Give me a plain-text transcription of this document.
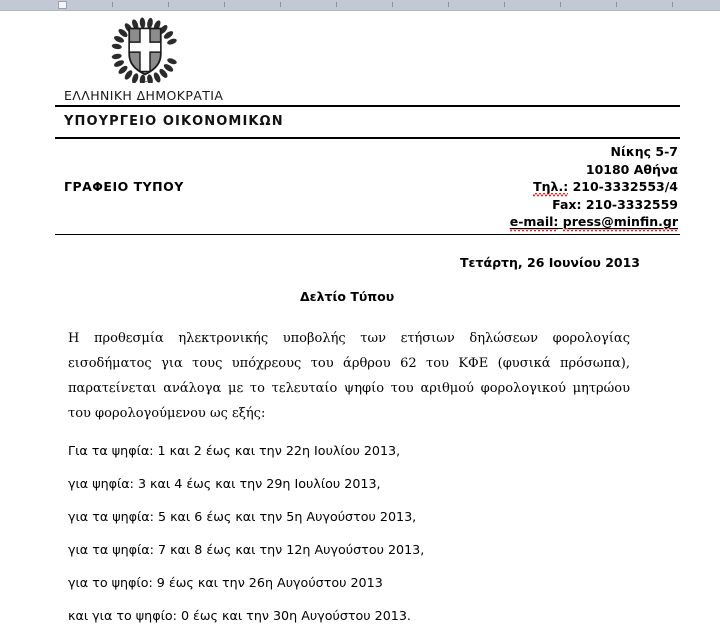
ΕΛΛΗΝΙΚΗ ΔΗΜΟΚΡΑΤΙΑ
ΥΠΟΥΡΓΕΙΟ ΟΙΚΟΝΟΜΙΚΩΝ
ΓΡΑΦΕΙΟ ΤΥΠΟΥ
Νίκης 5-7
10180 Αθήνα
Τηλ.: 210-3332553/4
Fax: 210-3332559
e-mail: press@minfin.gr
Τετάρτη, 26 Ιουνίου 2013
Δελτίο Τύπου

Η προθεσμία ηλεκτρονικής υποβολής των ετήσιων δηλώσεων φορολογίας εισοδήματος για τους υπόχρεους του άρθρου 62 του ΚΦΕ (φυσικά πρόσωπα), παρατείνεται ανάλογα με το τελευταίο ψηφίο του αριθμού φορολογικού μητρώου του φορολογούμενου ως εξής:

Για τα ψηφία: 1 και 2 έως και την 22η Ιουλίου 2013,
για ψηφία: 3 και 4 έως και την 29η Ιουλίου 2013,
για τα ψηφία: 5 και 6 έως και την 5η Αυγούστου 2013,
για τα ψηφία: 7 και 8 έως και την 12η Αυγούστου 2013,
για το ψηφίο: 9 έως και την 26η Αυγούστου 2013
και για το ψηφίο: 0 έως και την 30η Αυγούστου 2013.
